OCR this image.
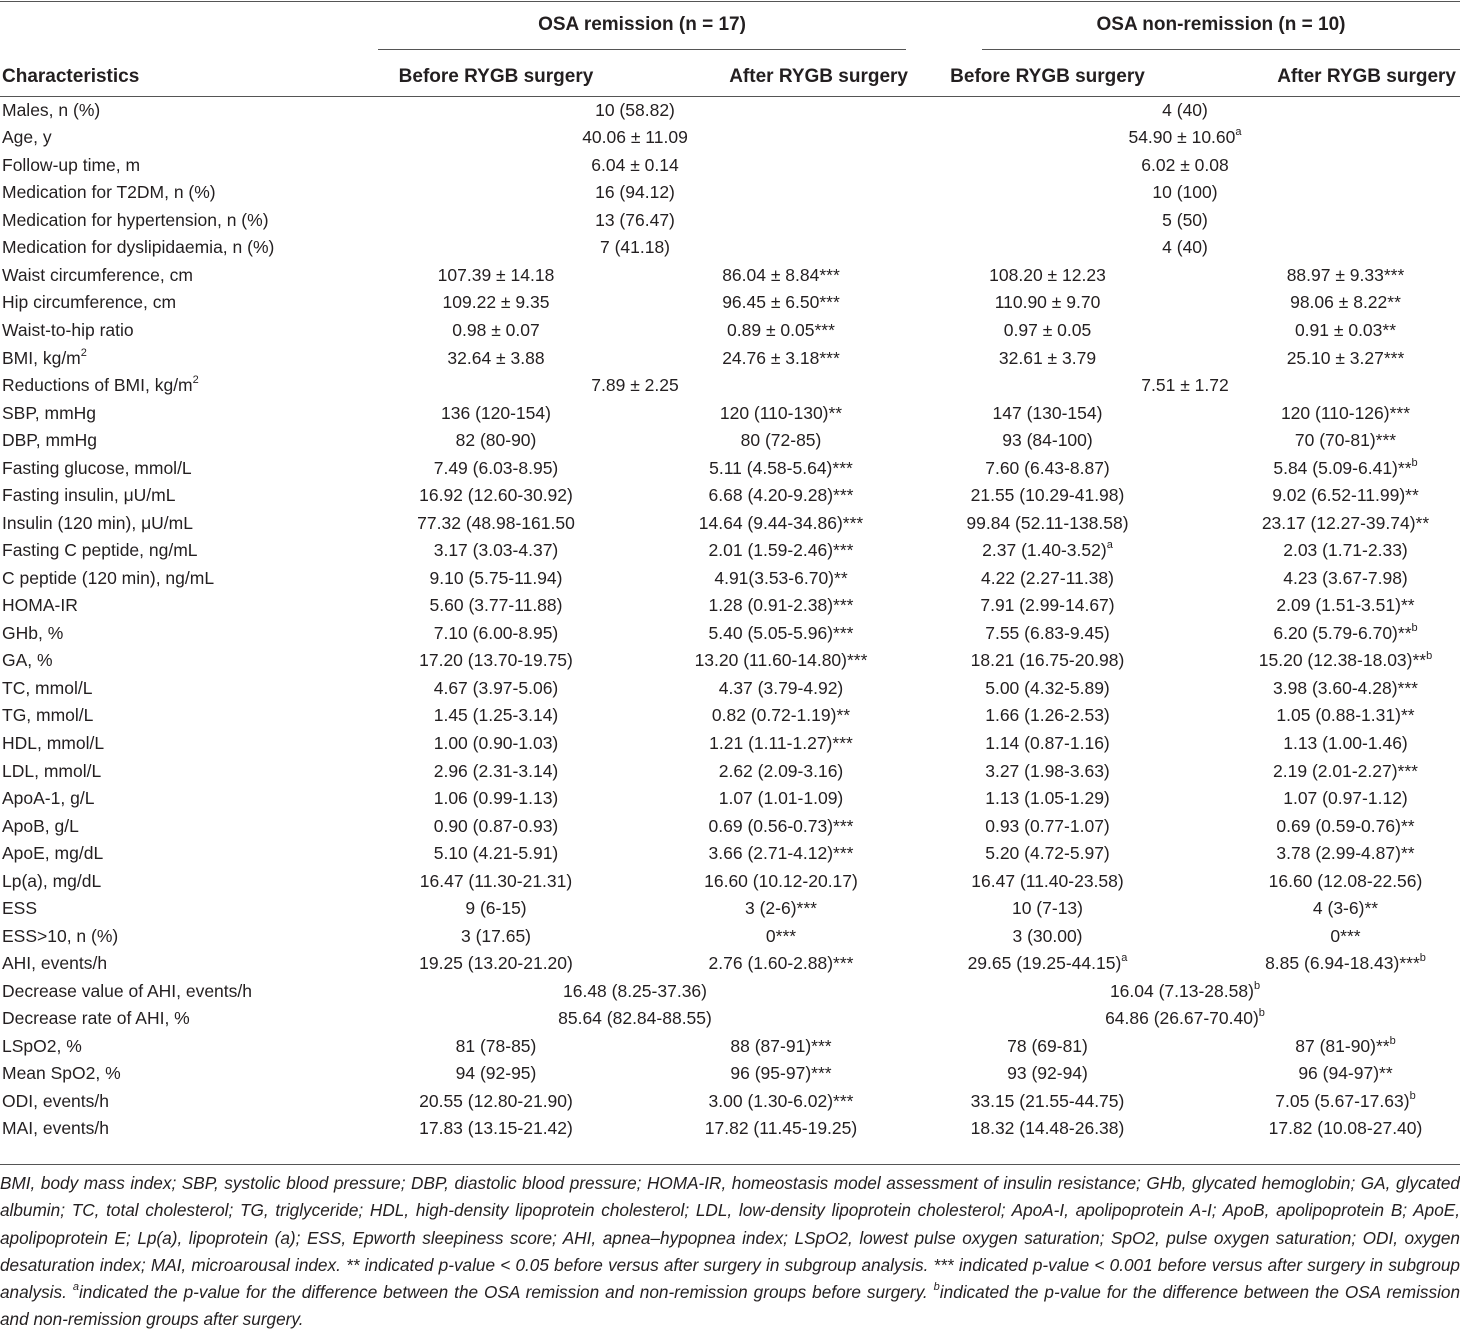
OSA remission (n = 17)	OSA non-remission (n = 10)
Characteristics	Before RYGB surgery	After RYGB surgery	Before RYGB surgery	After RYGB surgery
Males, n (%)	10 (58.82)		4 (40)	
Age, y	40.06 ± 11.09		54.90 ± 10.60$^a$
Follow-up time, m	6.04 ± 0.14		6.02 ± 0.08	
Medication for T2DM, n (%)	16 (94.12)		10 (100)	
Medication for hypertension, n (%)	13 (76.47)		5 (50)	
Medication for dyslipidaemia, n (%)	7 (41.18)		4 (40)	
Waist circumference, cm	107.39 ± 14.18	86.04 ± 8.84***	108.20 ± 12.23	88.97 ± 9.33***
Hip circumference, cm	109.22 ± 9.35	96.45 ± 6.50***	110.90 ± 9.70	98.06 ± 8.22**
Waist-to-hip ratio	0.98 ± 0.07	0.89 ± 0.05***	0.97 ± 0.05	0.91 ± 0.03**
BMI, $kg/m^2$	32.64 ± 3.88	24.76 ± 3.18***	32.61 ± 3.79	25.10 ± 3.27***
Reductions of BMI, $kg/m^2$	7.89 ± 2.25		7.51 ± 1.72	
SBP, mmHg	136 (120-154)	120 (110-130)**	147 (130-154)	120 (110-126)***
DBP, mmHg	82 (80-90)	80 (72-85)	93 (84-100)	70 (70-81)***
Fasting glucose, mmol/L	7.49 (6.03-8.95)	5.11 (4.58-5.64)***	7.60 (6.43-8.87)	5.84 (5.09-6.41)**$^b$
Fasting insulin, μU/mL	16.92 (12.60-30.92)	6.68 (4.20-9.28)***	21.55 (10.29-41.98)	9.02 (6.52-11.99)**
Insulin (120 min), μU/mL	77.32 (48.98-161.50	14.64 (9.44-34.86)***	99.84 (52.11-138.58)	23.17 (12.27-39.74)**
Fasting C peptide, ng/mL	3.17 (3.03-4.37)	2.01 (1.59-2.46)***	2.37 $(1.40-3.52)^a$	2.03 (1.71-2.33)
C peptide (120 min), ng/mL	9.10 (5.75-11.94)	4.91(3.53-6.70)**	4.22 (2.27-11.38)	4.23 (3.67-7.98)
HOMA-IR	5.60 (3.77-11.88)	1.28 (0.91-2.38)***	7.91 (2.99-14.67)	2.09 (1.51-3.51)**
GHb, %	7.10 (6.00-8.95)	5.40 (5.05-5.96)***	7.55 (6.83-9.45)	6.20 (5.79-6.70)**$^b$
GA, %	17.20 (13.70-19.75)	13.20 (11.60-14.80)***	18.21 (16.75-20.98)	15.20 (12.38-18.03)**$^b$
TC, mmol/L	4.67 (3.97-5.06)	4.37 (3.79-4.92)	5.00 (4.32-5.89)	3.98 (3.60-4.28)***
TG, mmol/L	1.45 (1.25-3.14)	0.82 (0.72-1.19)**	1.66 (1.26-2.53)	1.05 (0.88-1.31)**
HDL, mmol/L	1.00 (0.90-1.03)	1.21 (1.11-1.27)***	1.14 (0.87-1.16)	1.13 (1.00-1.46)
LDL, mmol/L	2.96 (2.31-3.14)	2.62 (2.09-3.16)	3.27 (1.98-3.63)	2.19 (2.01-2.27)***
ApoA-1, g/L	1.06 (0.99-1.13)	1.07 (1.01-1.09)	1.13 (1.05-1.29)	1.07 (0.97-1.12)
ApoB, g/L	0.90 (0.87-0.93)	0.69 (0.56-0.73)***	0.93 (0.77-1.07)	0.69 (0.59-0.76)**
ApoE, mg/dL	5.10 (4.21-5.91)	3.66 (2.71-4.12)***	5.20 (4.72-5.97)	3.78 (2.99-4.87)**
Lp(a), mg/dL	16.47 (11.30-21.31)	16.60 (10.12-20.17)	16.47 (11.40-23.58)	16.60 (12.08-22.56)
ESS	9 (6-15)	3 (2-6)***	10 (7-13)	4 (3-6)**
ESS>10, n (%)	3 (17.65)	0***	3 (30.00)	0***
AHI, events/h	19.25 (13.20-21.20)	2.76 (1.60-2.88)***	29.65 $(19.25-44.15)^a$	8.85 (6.94-18.43)***$^b$
Decrease value of AHI, events/h	16.48 (8.25-37.36)		16.04 $(7.13-28.58)^b$
Decrease rate of AHI, %	85.64 (82.84-88.55)		64.86 $(26.67-70.40)^b$
LSpO2, %	81 (78-85)	88 (87-91)***	78 (69-81)	87 (81-90)**$^b$
Mean SpO2, %	94 (92-95)	96 (95-97)***	93 (92-94)	96 (94-97)**
ODI, events/h	20.55 (12.80-21.90)	3.00 (1.30-6.02)***	33.15 (21.55-44.75)	7.05 $(5.67-17.63)^b$
MAI, events/h	17.83 (13.15-21.42)	17.82 (11.45-19.25)	18.32 (14.48-26.38)	17.82 (10.08-27.40)
BMI, body mass index; SBP, systolic blood pressure; DBP, diastolic blood pressure; HOMA-IR, homeostasis model assessment of insulin resistance; GHb, glycated hemoglobin; GA, glycated albumin; TC, total cholesterol; TG, triglyceride; HDL, high-density lipoprotein cholesterol; LDL, low-density lipoprotein cholesterol; ApoA-I, apolipoprotein A-I; ApoB, apolipoprotein B; ApoE, apolipoprotein E; Lp(a), lipoprotein (a); ESS, Epworth sleepiness score; AHI, apnea–hypopnea index; LSpO2, lowest pulse oxygen saturation; SpO2, pulse oxygen saturation; ODI, oxygen desaturation index; MAI, microarousal index. ** indicated p-value < 0.05 before versus after surgery in subgroup analysis. *** indicated p-value < 0.001 before versus after surgery in subgroup analysis. $^a$indicated the p-value for the difference between the OSA remission and non-remission groups before surgery. $^b$indicated the p-value for the difference between the OSA remission and non-remission groups after surgery.
